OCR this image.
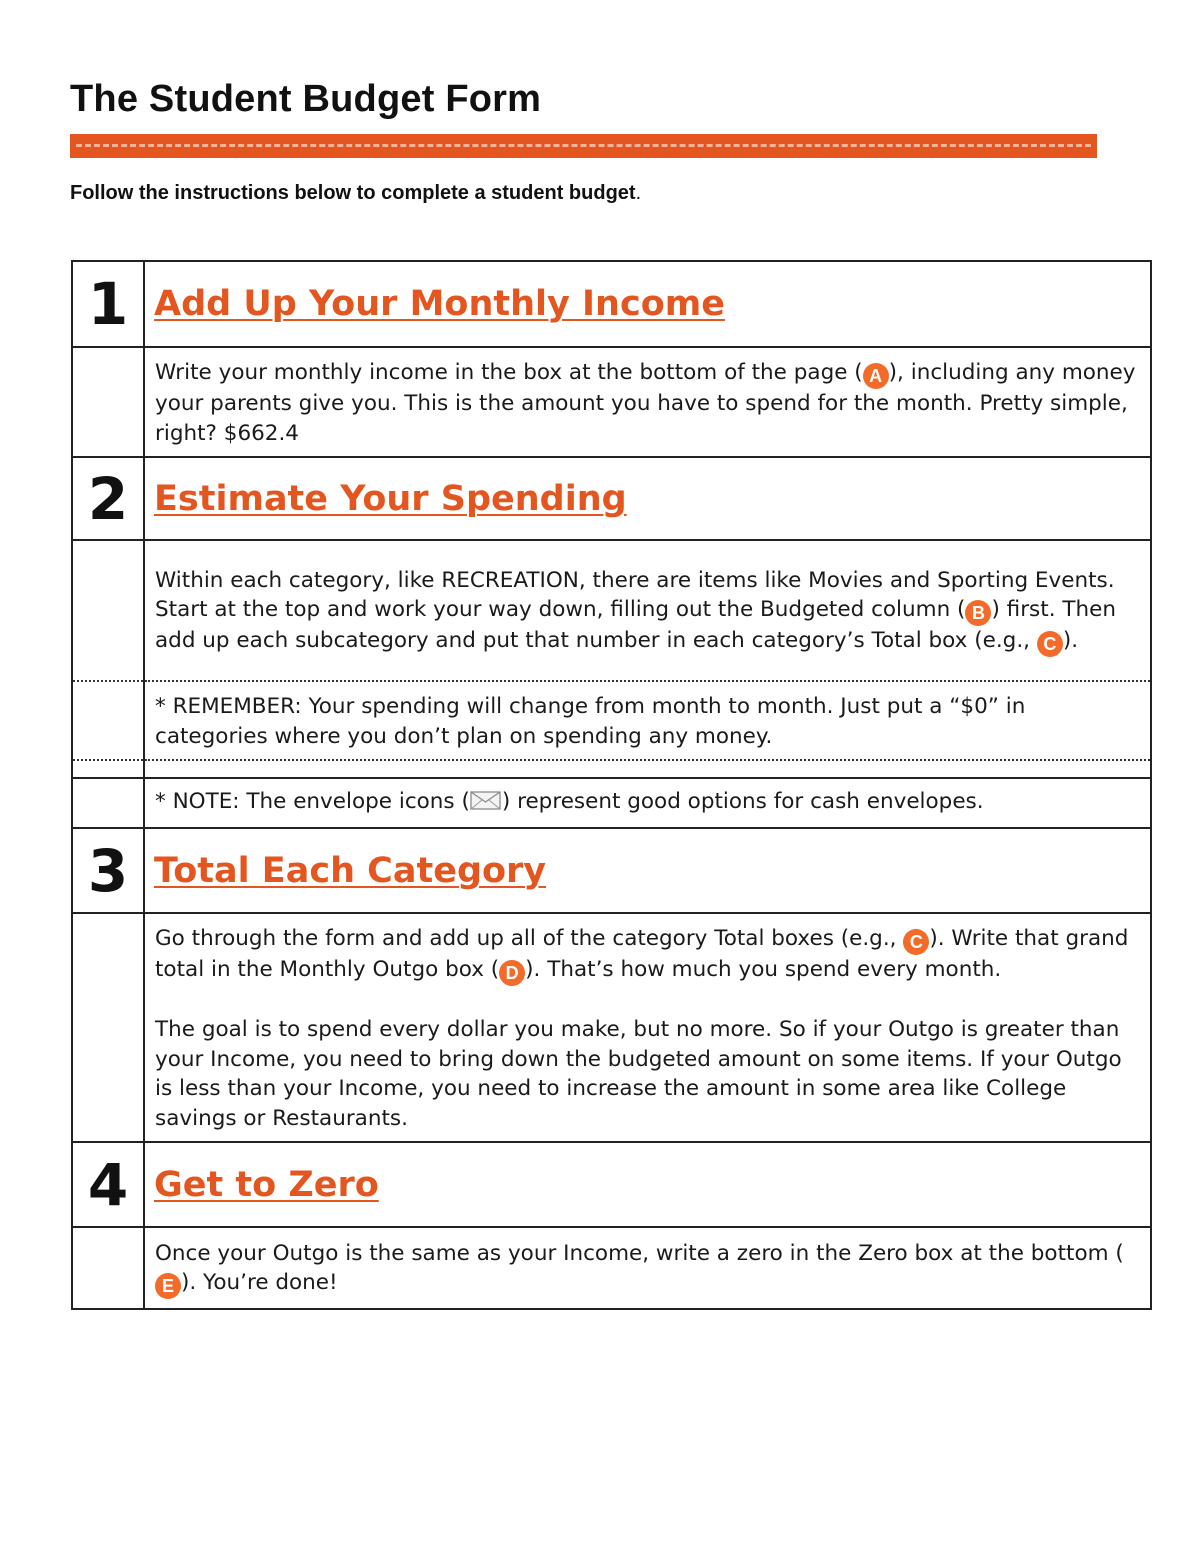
The Student Budget Form
Follow the instructions below to complete a student budget.
1	Add Up Your Monthly Income
	Write your monthly income in the box at the bottom of the page ( A ), including any money your parents give you. This is the amount you have to spend for the month. Pretty simple, right? $662.4
2	Estimate Your Spending
	Within each category, like RECREATION, there are items like Movies and Sporting Events. Start at the top and work your way down, filling out the Budgeted column ( B ) first. Then add up each subcategory and put that number in each category’s Total box (e.g., C ).
	* REMEMBER: Your spending will change from month to month. Just put a “$0” in categories where you don’t plan on spending any money.

	* NOTE: The envelope icons ( ) represent good options for cash envelopes.
3	Total Each Category
	Go through the form and add up all of the category Total boxes (e.g., C ). Write that grand total in the Monthly Outgo box ( D ). That’s how much you spend every month.
The goal is to spend every dollar you make, but no more. So if your Outgo is greater than your Income, you need to bring down the budgeted amount on some items. If your Outgo is less than your Income, you need to increase the amount in some area like College savings or Restaurants.
4	Get to Zero
	Once your Outgo is the same as your Income, write a zero in the Zero box at the bottom (E ). You’re done!
